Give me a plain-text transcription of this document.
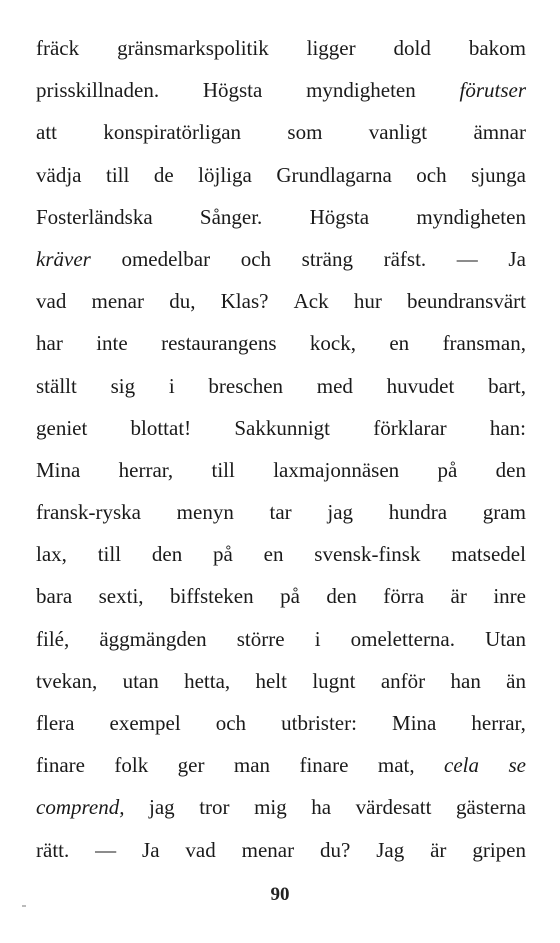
fräck gränsmarkspolitik ligger dold bakom
prisskillnaden. Högsta myndigheten förutser
att konspiratörligan som vanligt ämnar
vädja till de löjliga Grundlagarna och sjunga
Fosterländska Sånger. Högsta myndigheten
kräver omedelbar och sträng räfst. — Ja
vad menar du, Klas? Ack hur beundransvärt
har inte restaurangens kock, en fransman,
ställt sig i breschen med huvudet bart,
geniet blottat! Sakkunnigt förklarar han:
Mina herrar, till laxmajonnäsen på den
fransk-ryska menyn tar jag hundra gram
lax, till den på en svensk-finsk matsedel
bara sexti, biffsteken på den förra är inre
filé, äggmängden större i omeletterna. Utan
tvekan, utan hetta, helt lugnt anför han än
flera exempel och utbrister: Mina herrar,
finare folk ger man finare mat, cela se
comprend, jag tror mig ha värdesatt gästerna
rätt. — Ja vad menar du? Jag är gripen
90
